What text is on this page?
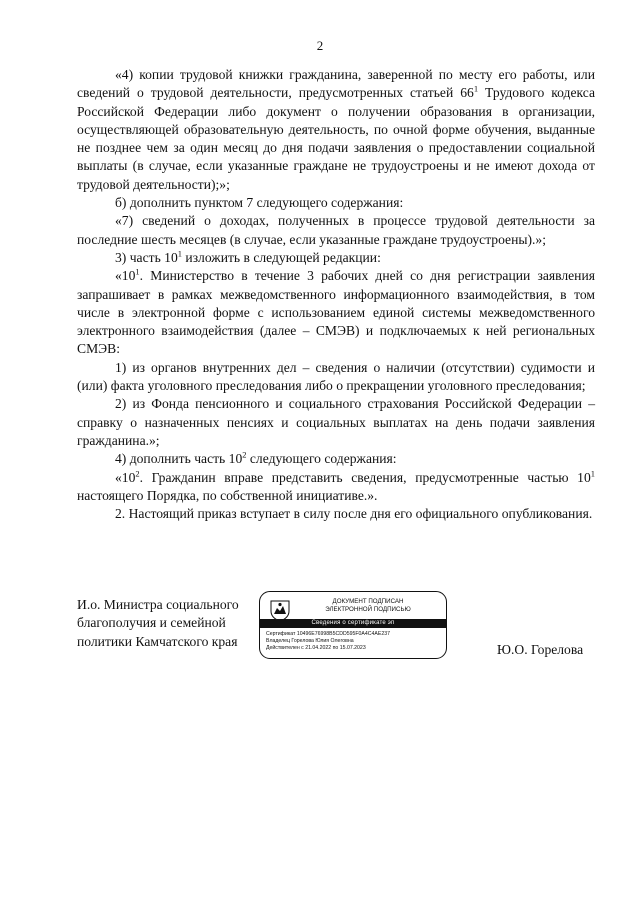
2

«4) копии трудовой книжки гражданина, заверенной по месту его работы, или сведений о трудовой деятельности, предусмотренных статьей $66^1$ Трудового кодекса Российской Федерации либо документ о получении образования в организации, осуществляющей образовательную деятельность, по очной форме обучения, выданные не позднее чем за один месяц до дня подачи заявления о предоставлении социальной выплаты (в случае, если указанные граждане не трудоустроены и не имеют дохода от трудовой деятельности);»;

б) дополнить пунктом 7 следующего содержания:

«7) сведений о доходах, полученных в процессе трудовой деятельности за последние шесть месяцев (в случае, если указанные граждане трудоустроены).»;

3) часть $10^1$ изложить в следующей редакции:

«$10^1$. Министерство в течение 3 рабочих дней со дня регистрации заявления запрашивает в рамках межведомственного информационного взаимодействия, в том числе в электронной форме с использованием единой системы межведомственного электронного взаимодействия (далее – СМЭВ) и подключаемых к ней региональных СМЭВ:

1) из органов внутренних дел – сведения о наличии (отсутствии) судимости и (или) факта уголовного преследования либо о прекращении уголовного преследования;

2) из Фонда пенсионного и социального страхования Российской Федерации – справку о назначенных пенсиях и социальных выплатах на день подачи заявления гражданина.»;

4) дополнить часть $10^2$ следующего содержания:

«$10^2$. Гражданин вправе представить сведения, предусмотренные частью $10^1$ настоящего Порядка, по собственной инициативе.».

2. Настоящий приказ вступает в силу после дня его официального опубликования.

И.о. Министра социального
благополучия и семейной
политики Камчатского края
ДОКУМЕНТ ПОДПИСАН
ЭЛЕКТРОННОЙ ПОДПИСЬЮ
Сведения о сертификате эп
Сертификат 10496E76998B5CDD595F0A4C4AE237
Владелец Горелова Юлия Олеговна
Действителен с 21.04.2022 по 15.07.2023	Ю.О. Горелова
